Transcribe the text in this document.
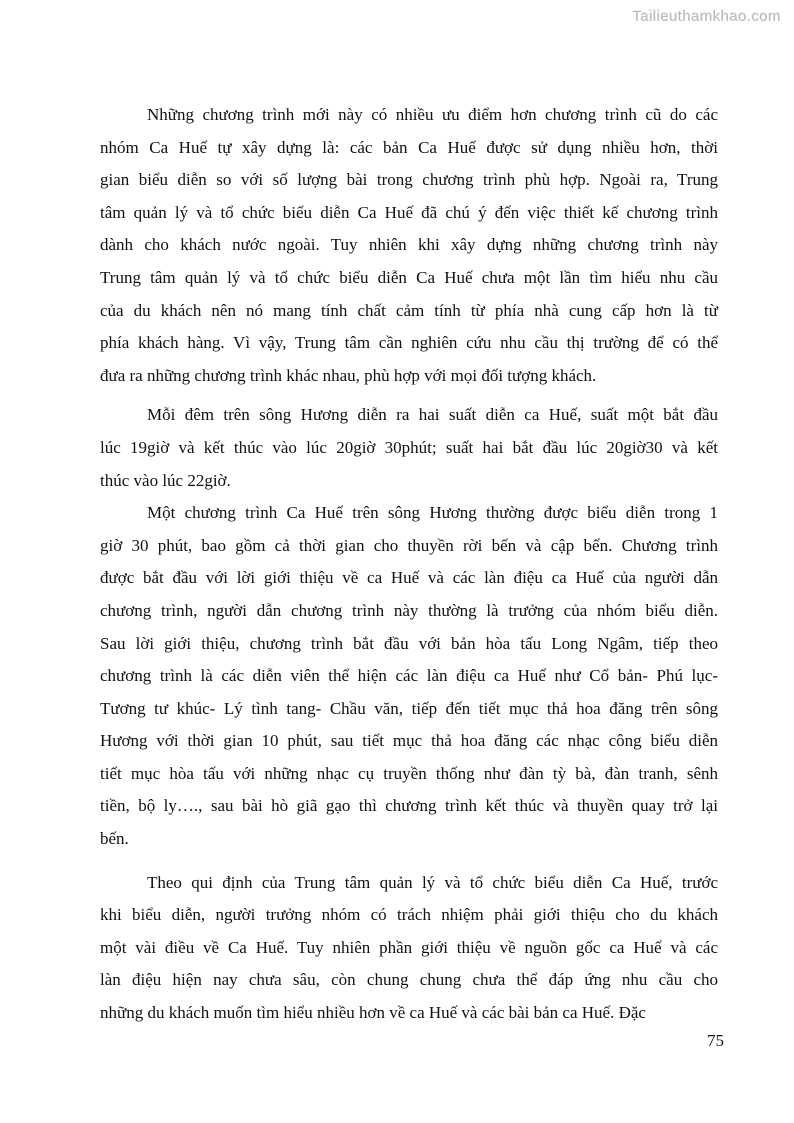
Tailieuthamkhao.com
Những chương trình mới này có nhiều ưu điểm hơn chương trình cũ do các
nhóm Ca Huế tự xây dựng là: các bản Ca Huế được sử dụng nhiều hơn, thời
gian biểu diễn so với số lượng bài trong chương trình phù hợp. Ngoài ra, Trung
tâm quản lý và tổ chức biểu diễn Ca Huế đã chú ý đến việc thiết kế chương trình
dành cho khách nước ngoài. Tuy nhiên khi xây dựng những chương trình này
Trung tâm quản lý và tổ chức biểu diễn Ca Huế chưa một lần tìm hiểu nhu cầu
của du khách nên nó mang tính chất cảm tính từ phía nhà cung cấp hơn là từ
phía khách hàng. Vì vậy, Trung tâm cần nghiên cứu nhu cầu thị trường để có thể
đưa ra những chương trình khác nhau, phù hợp với mọi đối tượng khách.
Mỗi đêm trên sông Hương diễn ra hai suất diễn ca Huế, suất một bắt đầu
lúc 19giờ và kết thúc vào lúc 20giờ 30phút; suất hai bắt đầu lúc 20giờ30 và kết
thúc vào lúc 22giờ.
Một chương trình Ca Huế trên sông Hương thường được biểu diễn trong 1
giờ 30 phút, bao gồm cả thời gian cho thuyền rời bến và cập bến. Chương trình
được bắt đầu với lời giới thiệu về ca Huế và các làn điệu ca Huế của người dẫn
chương trình, người dẫn chương trình này thường là trưởng của nhóm biểu diễn.
Sau lời giới thiệu, chương trình bắt đầu với bản hòa tấu Long Ngâm, tiếp theo
chương trình là các diễn viên thể hiện các làn điệu ca Huế như Cổ bản- Phú lục-
Tương tư khúc- Lý tình tang- Chầu văn, tiếp đến tiết mục thả hoa đăng trên sông
Hương với thời gian 10 phút, sau tiết mục thả hoa đăng các nhạc công biểu diễn
tiết mục hòa tấu với những nhạc cụ truyền thống như đàn tỳ bà, đàn tranh, sênh
tiền, bộ ly…., sau bài hò giã gạo thì chương trình kết thúc và thuyền quay trở lại
bến.
Theo qui định của Trung tâm quản lý và tổ chức biểu diễn Ca Huế, trước
khi biểu diễn, người trưởng nhóm có trách nhiệm phải giới thiệu cho du khách
một vài điều về Ca Huế. Tuy nhiên phần giới thiệu về nguồn gốc ca Huế và các
làn điệu hiện nay chưa sâu, còn chung chung chưa thể đáp ứng nhu cầu cho
những du khách muốn tìm hiểu nhiều hơn về ca Huế và các bài bản ca Huế. Đặc
75
